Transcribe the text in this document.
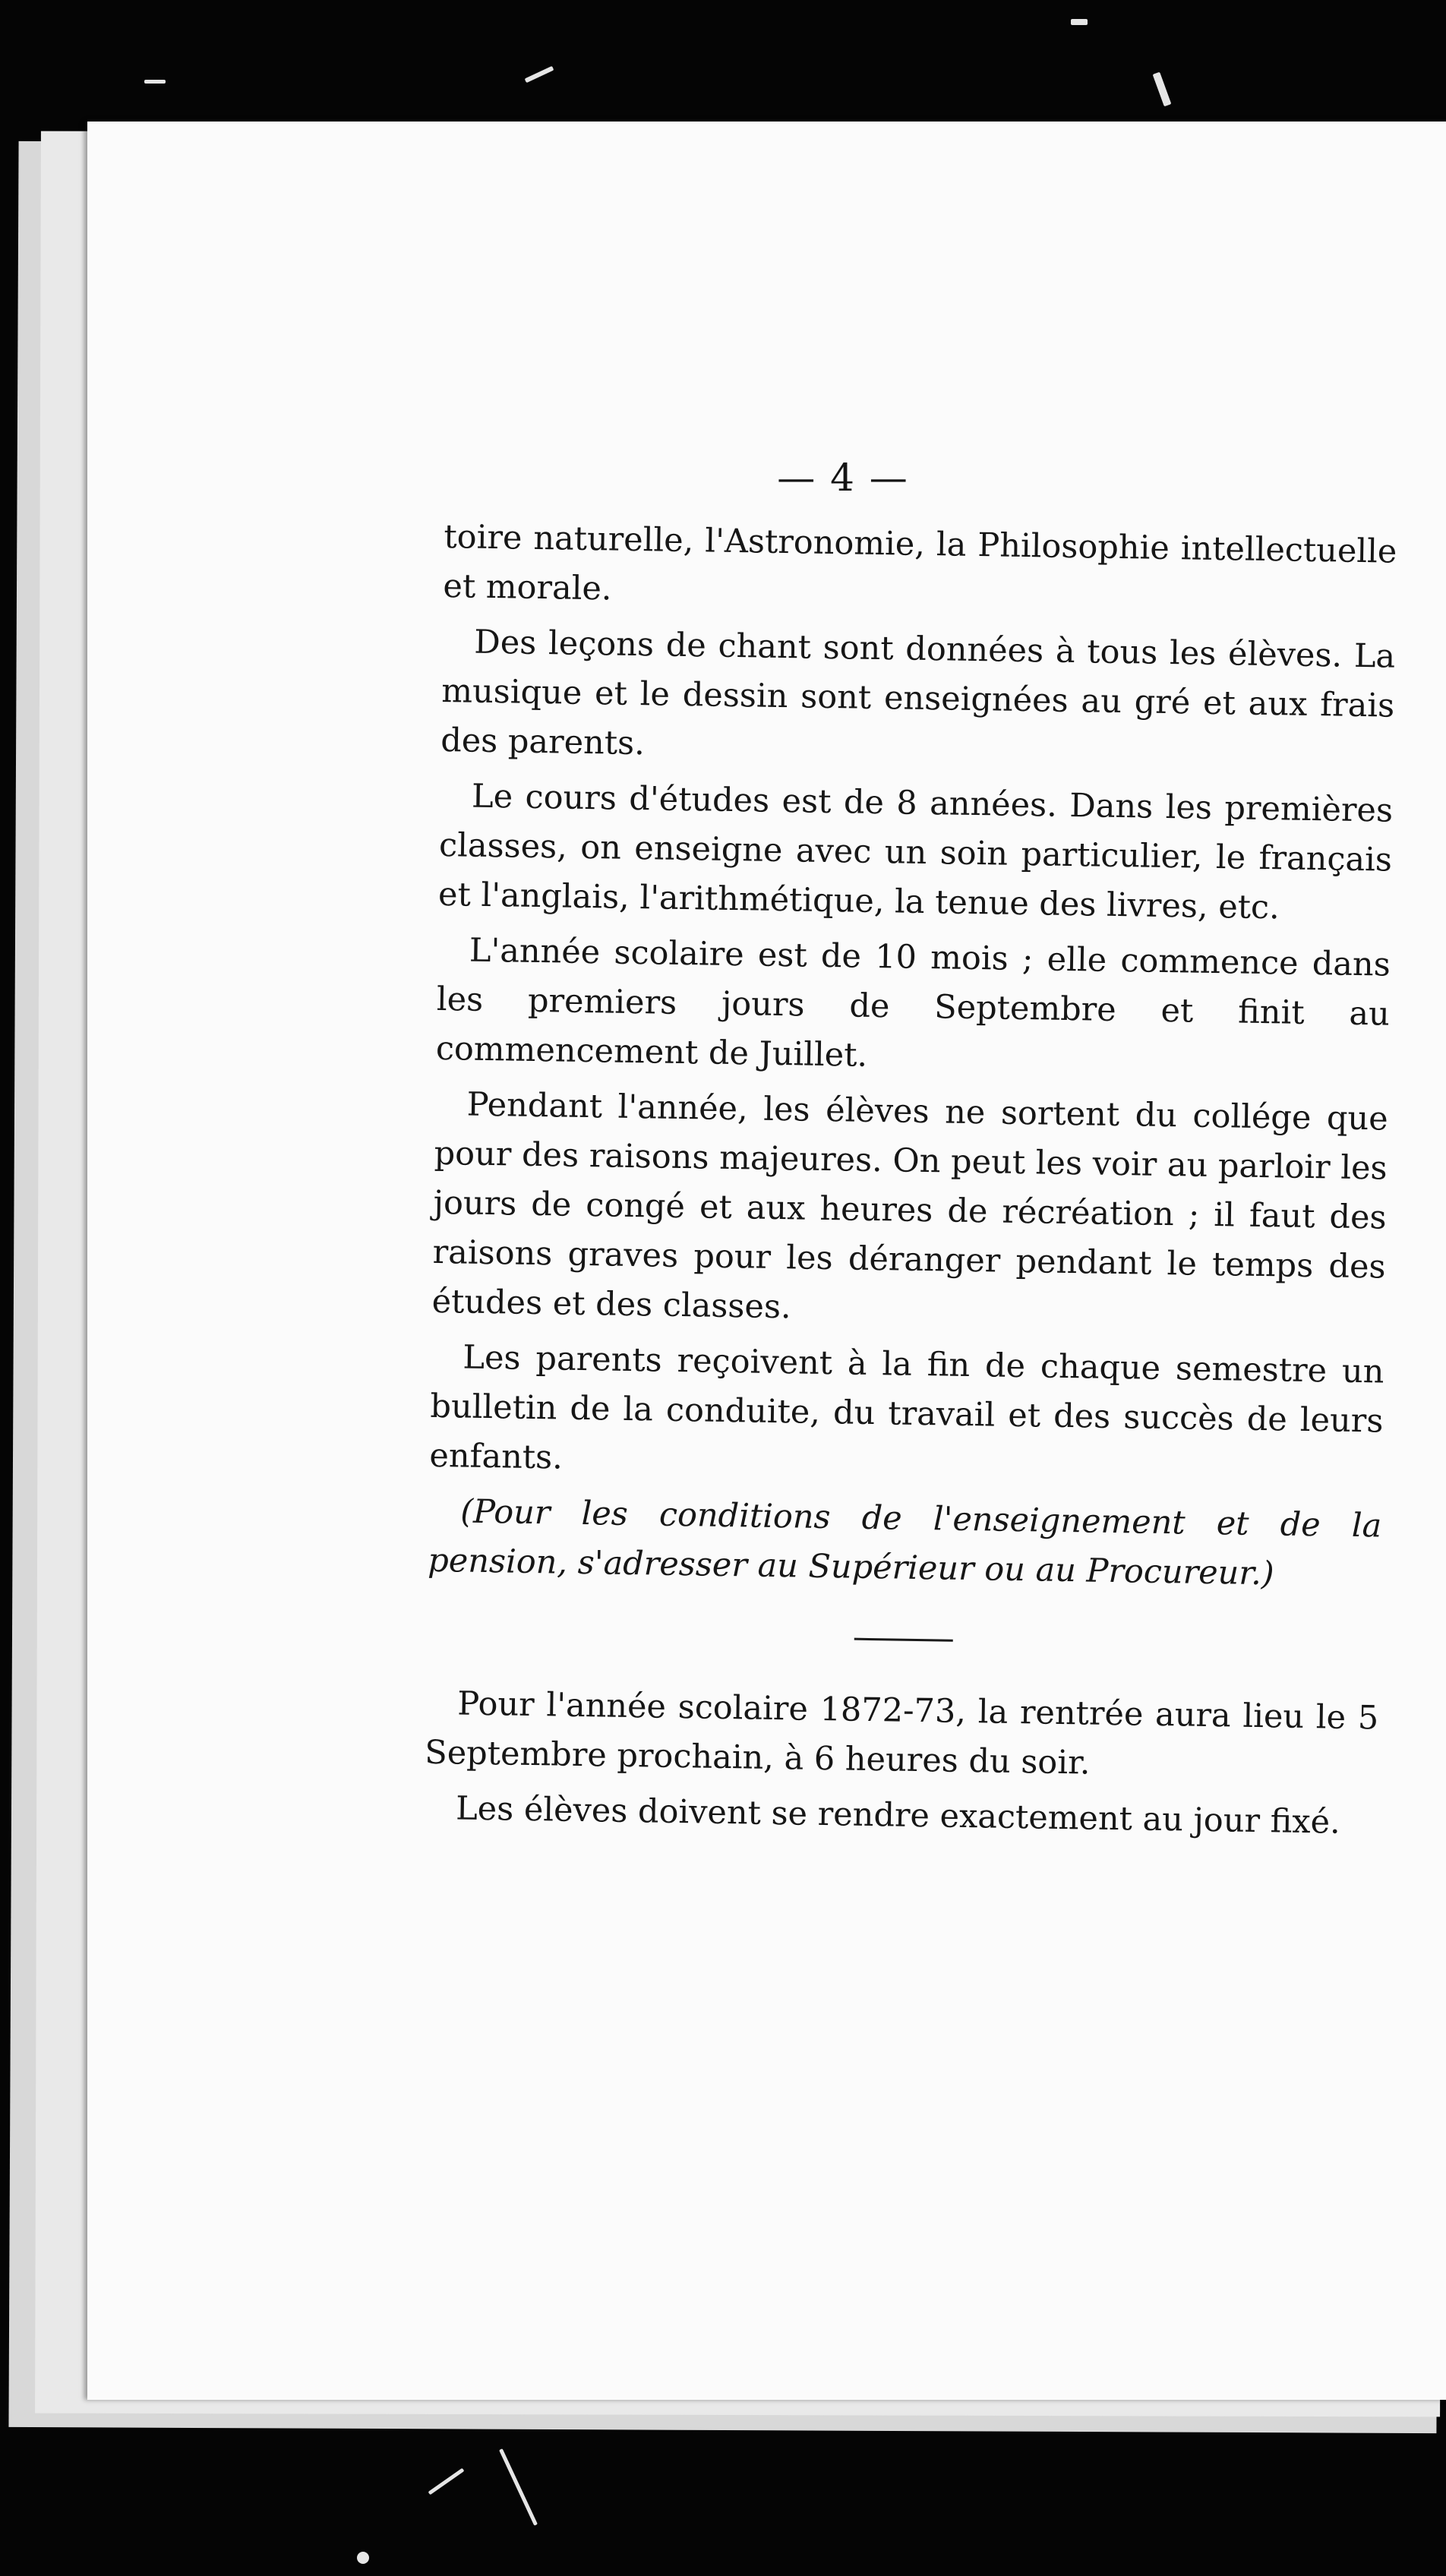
— 4 —

toire naturelle, l'Astronomie, la Philosophie intellectuelle et morale.

Des leçons de chant sont données à tous les élèves. La musique et le dessin sont enseignées au gré et aux frais des parents.

Le cours d'études est de 8 années. Dans les premières classes, on enseigne avec un soin particulier, le français et l'anglais, l'arithmétique, la tenue des livres, etc.

L'année scolaire est de 10 mois ; elle commence dans les premiers jours de Septembre et finit au commencement de Juillet.

Pendant l'année, les élèves ne sortent du collége que pour des raisons majeures. On peut les voir au parloir les jours de congé et aux heures de récréation ; il faut des raisons graves pour les déranger pendant le temps des études et des classes.

Les parents reçoivent à la fin de chaque semestre un bulletin de la conduite, du travail et des succès de leurs enfants.

(Pour les conditions de l'enseignement et de la pension, s'adresser au Supérieur ou au Procureur.)

Pour l'année scolaire 1872-73, la rentrée aura lieu le 5 Septembre prochain, à 6 heures du soir.

Les élèves doivent se rendre exactement au jour fixé.
